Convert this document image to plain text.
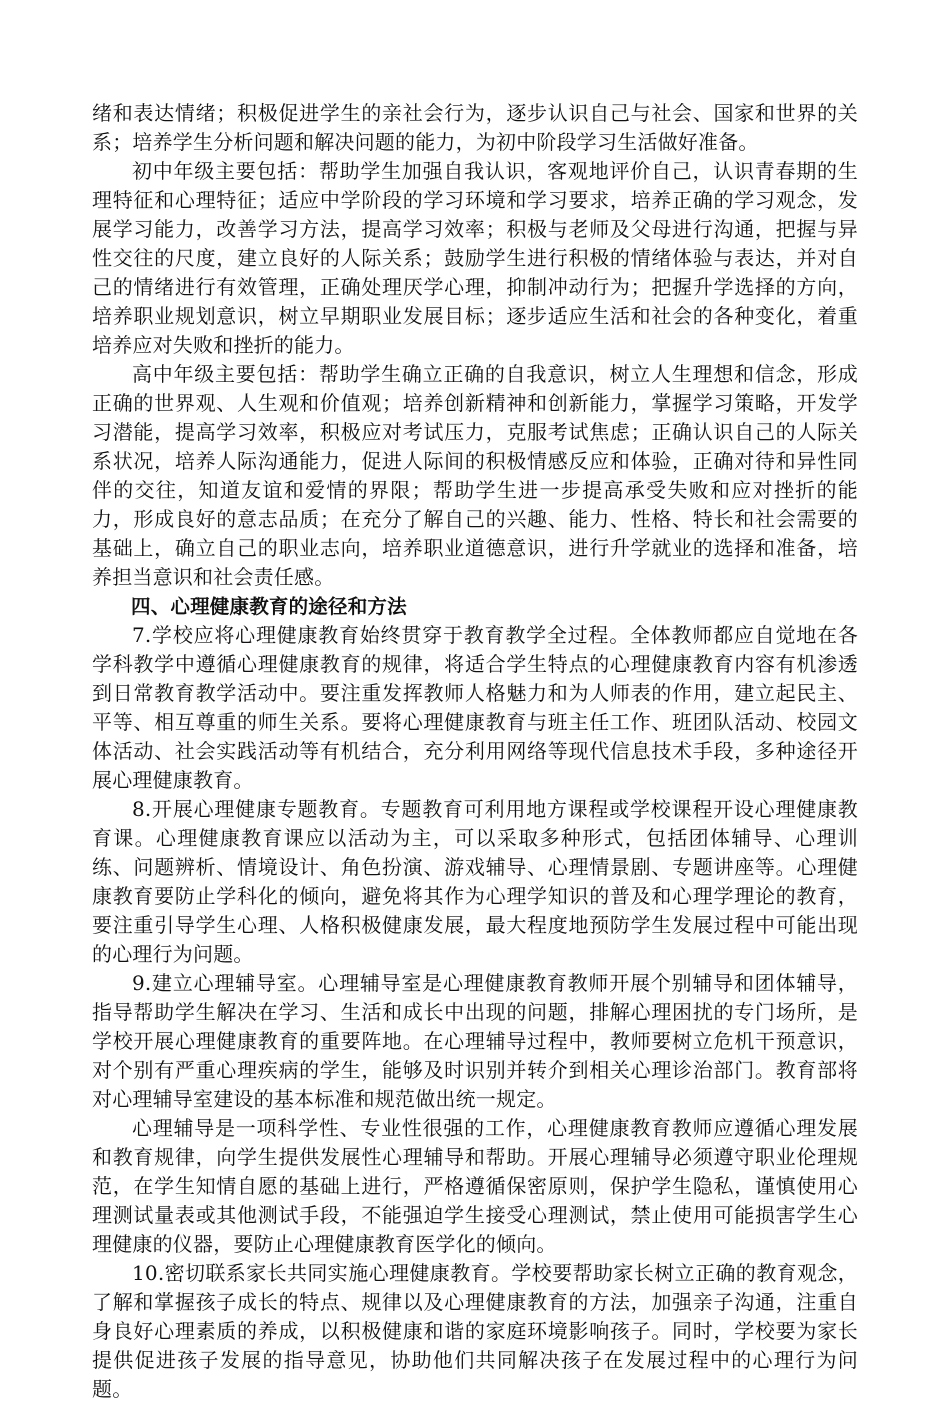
绪和表达情绪；积极促进学生的亲社会行为，逐步认识自己与社会、国家和世界的关系；培养学生分析问题和解决问题的能力，为初中阶段学习生活做好准备。

初中年级主要包括：帮助学生加强自我认识，客观地评价自己，认识青春期的生理特征和心理特征；适应中学阶段的学习环境和学习要求，培养正确的学习观念，发展学习能力，改善学习方法，提高学习效率；积极与老师及父母进行沟通，把握与异性交往的尺度，建立良好的人际关系；鼓励学生进行积极的情绪体验与表达，并对自己的情绪进行有效管理，正确处理厌学心理，抑制冲动行为；把握升学选择的方向，培养职业规划意识，树立早期职业发展目标；逐步适应生活和社会的各种变化，着重培养应对失败和挫折的能力。

高中年级主要包括：帮助学生确立正确的自我意识，树立人生理想和信念，形成正确的世界观、人生观和价值观；培养创新精神和创新能力，掌握学习策略，开发学习潜能，提高学习效率，积极应对考试压力，克服考试焦虑；正确认识自己的人际关系状况，培养人际沟通能力，促进人际间的积极情感反应和体验，正确对待和异性同伴的交往，知道友谊和爱情的界限；帮助学生进一步提高承受失败和应对挫折的能力，形成良好的意志品质；在充分了解自己的兴趣、能力、性格、特长和社会需要的基础上，确立自己的职业志向，培养职业道德意识，进行升学就业的选择和准备，培养担当意识和社会责任感。

四、心理健康教育的途径和方法

7.学校应将心理健康教育始终贯穿于教育教学全过程。全体教师都应自觉地在各学科教学中遵循心理健康教育的规律，将适合学生特点的心理健康教育内容有机渗透到日常教育教学活动中。要注重发挥教师人格魅力和为人师表的作用，建立起民主、平等、相互尊重的师生关系。要将心理健康教育与班主任工作、班团队活动、校园文体活动、社会实践活动等有机结合，充分利用网络等现代信息技术手段，多种途径开展心理健康教育。

8.开展心理健康专题教育。专题教育可利用地方课程或学校课程开设心理健康教育课。心理健康教育课应以活动为主，可以采取多种形式，包括团体辅导、心理训练、问题辨析、情境设计、角色扮演、游戏辅导、心理情景剧、专题讲座等。心理健康教育要防止学科化的倾向，避免将其作为心理学知识的普及和心理学理论的教育，要注重引导学生心理、人格积极健康发展，最大程度地预防学生发展过程中可能出现的心理行为问题。

9.建立心理辅导室。心理辅导室是心理健康教育教师开展个别辅导和团体辅导，指导帮助学生解决在学习、生活和成长中出现的问题，排解心理困扰的专门场所，是学校开展心理健康教育的重要阵地。在心理辅导过程中，教师要树立危机干预意识，对个别有严重心理疾病的学生，能够及时识别并转介到相关心理诊治部门。教育部将对心理辅导室建设的基本标准和规范做出统一规定。

心理辅导是一项科学性、专业性很强的工作，心理健康教育教师应遵循心理发展和教育规律，向学生提供发展性心理辅导和帮助。开展心理辅导必须遵守职业伦理规范，在学生知情自愿的基础上进行，严格遵循保密原则，保护学生隐私，谨慎使用心理测试量表或其他测试手段，不能强迫学生接受心理测试，禁止使用可能损害学生心理健康的仪器，要防止心理健康教育医学化的倾向。

10.密切联系家长共同实施心理健康教育。学校要帮助家长树立正确的教育观念，了解和掌握孩子成长的特点、规律以及心理健康教育的方法，加强亲子沟通，注重自身良好心理素质的养成，以积极健康和谐的家庭环境影响孩子。同时，学校要为家长提供促进孩子发展的指导意见，协助他们共同解决孩子在发展过程中的心理行为问题。
